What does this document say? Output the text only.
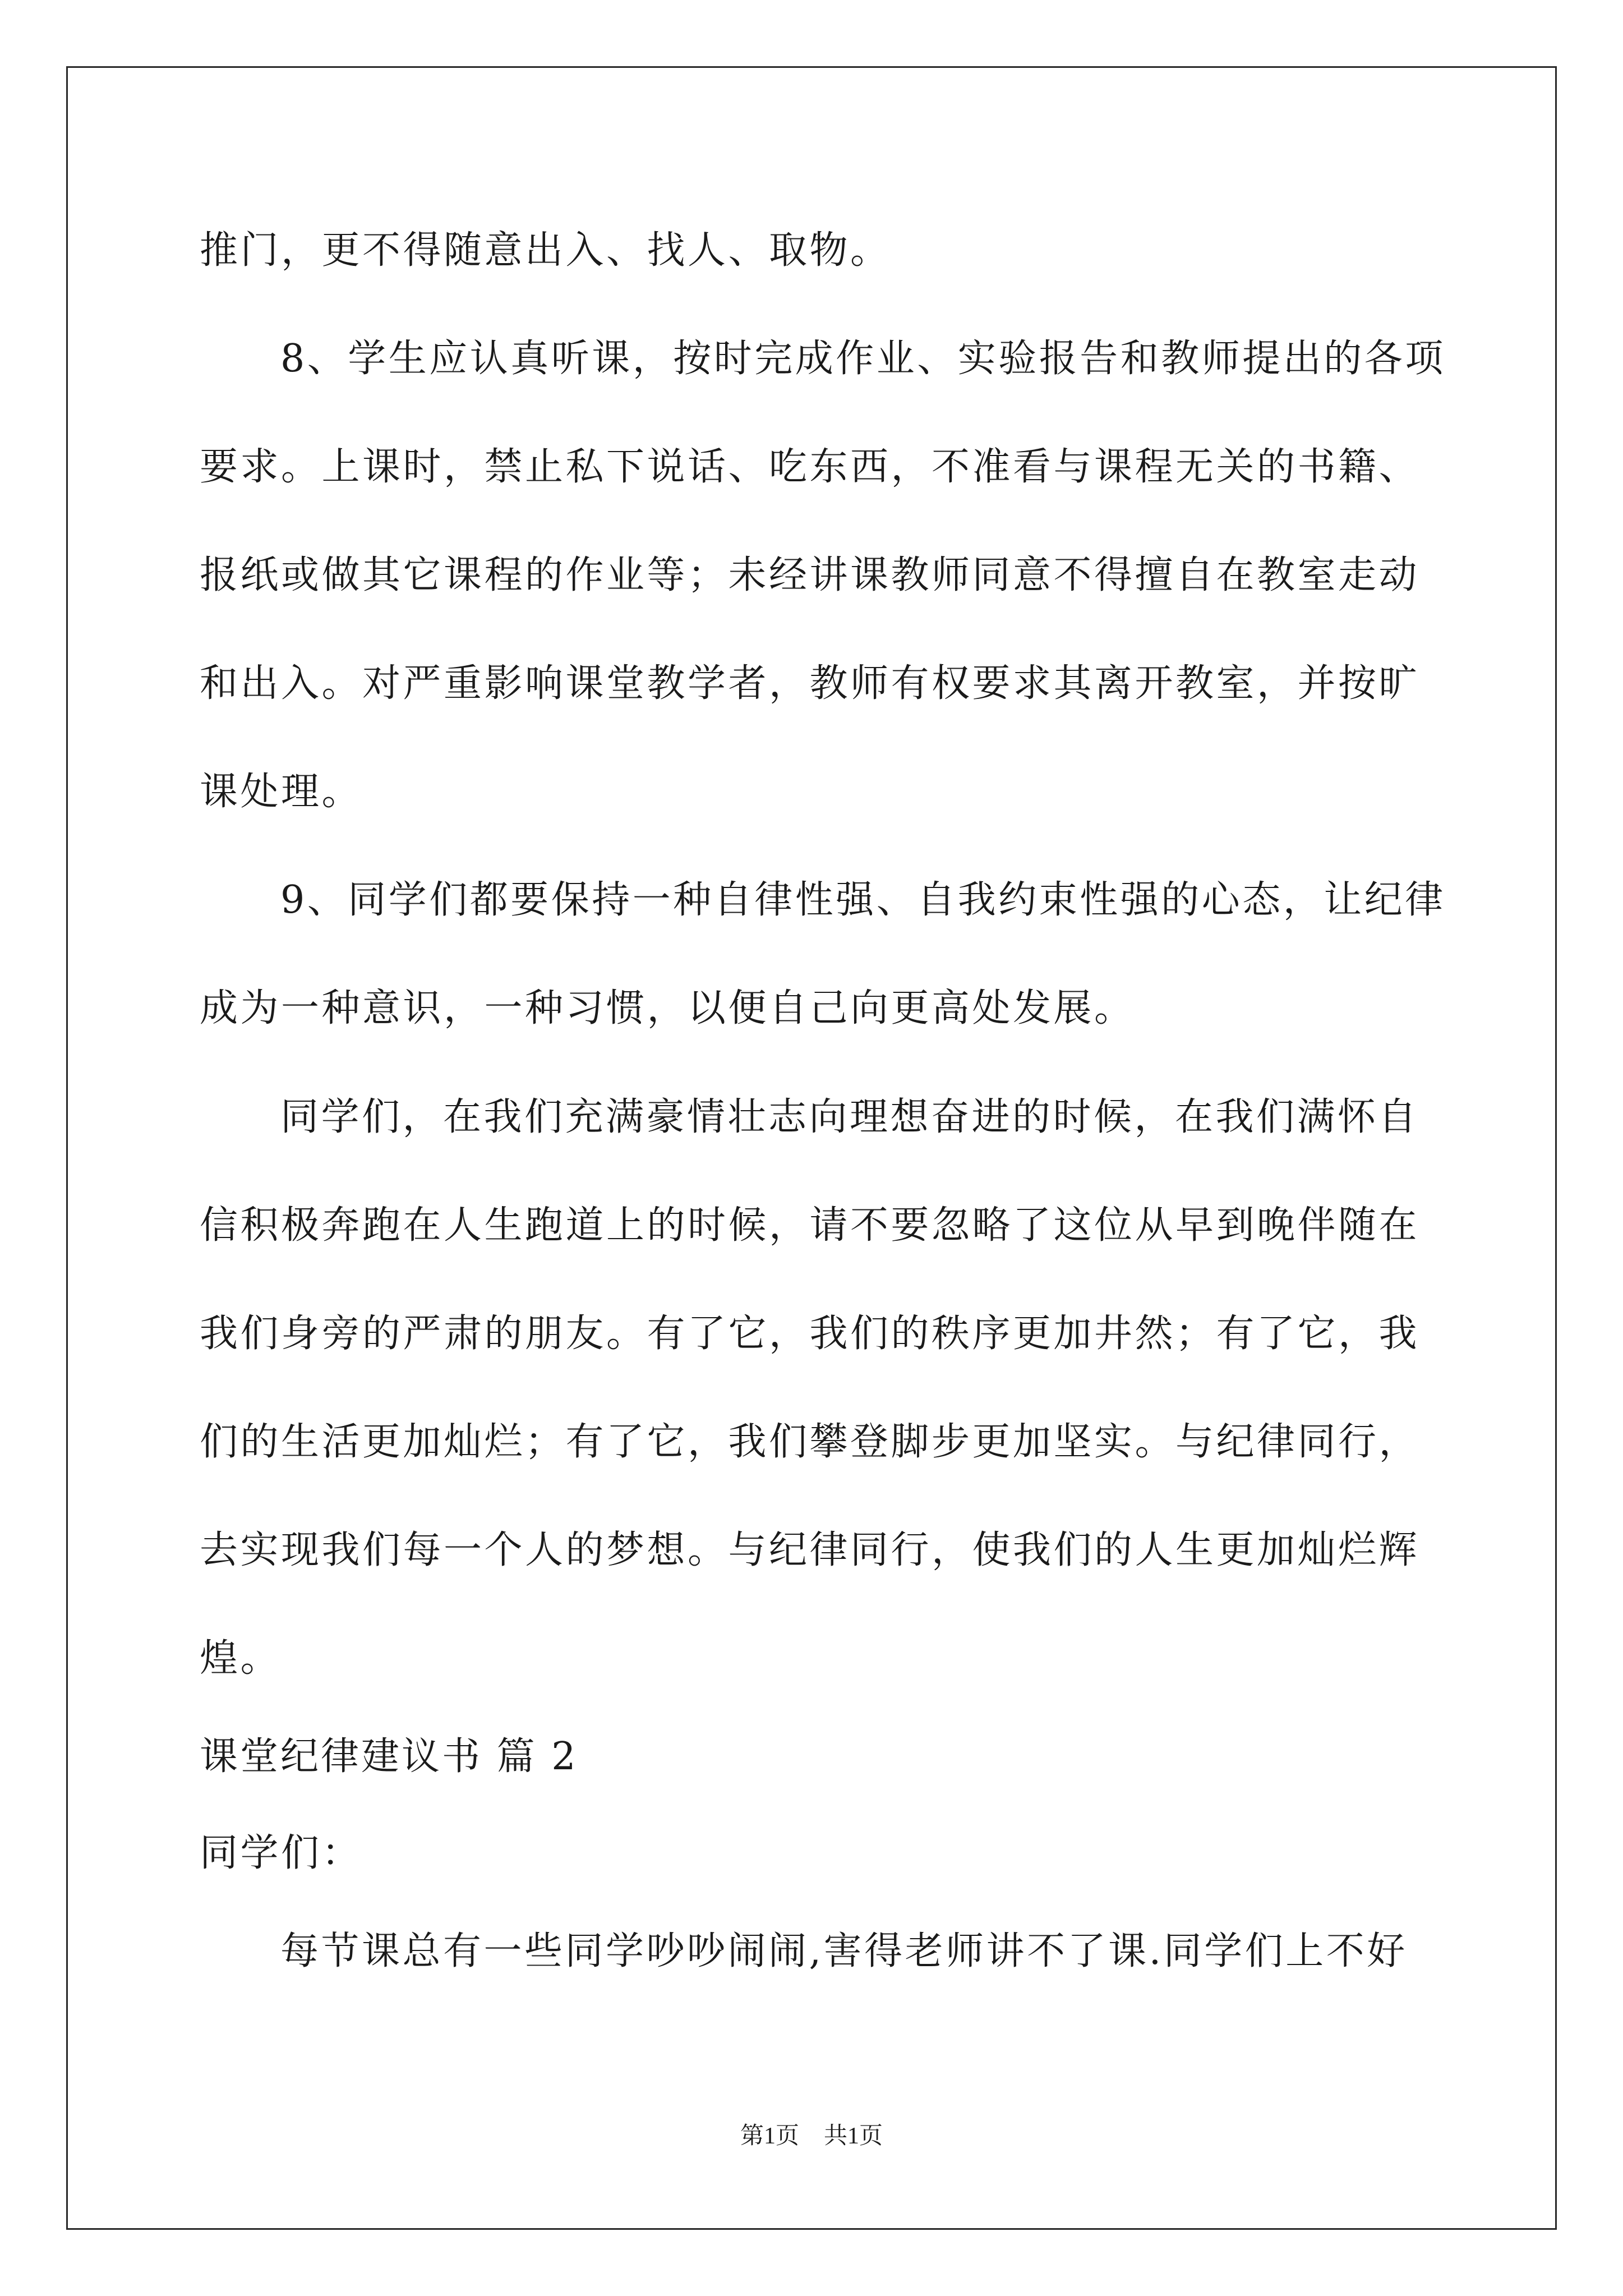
推门，更不得随意出入、找人、取物。
8、学生应认真听课，按时完成作业、实验报告和教师提出的各项
要求。上课时，禁止私下说话、吃东西，不准看与课程无关的书籍、
报纸或做其它课程的作业等；未经讲课教师同意不得擅自在教室走动
和出入。对严重影响课堂教学者，教师有权要求其离开教室，并按旷
课处理。
9、同学们都要保持一种自律性强、自我约束性强的心态，让纪律
成为一种意识，一种习惯，以便自己向更高处发展。
同学们，在我们充满豪情壮志向理想奋进的时候，在我们满怀自
信积极奔跑在人生跑道上的时候，请不要忽略了这位从早到晚伴随在
我们身旁的严肃的朋友。有了它，我们的秩序更加井然；有了它，我
们的生活更加灿烂；有了它，我们攀登脚步更加坚实。与纪律同行，
去实现我们每一个人的梦想。与纪律同行，使我们的人生更加灿烂辉
煌。
课堂纪律建议书 篇 2
同学们：
每节课总有一些同学吵吵闹闹,害得老师讲不了课.同学们上不好
第1页 共1页
